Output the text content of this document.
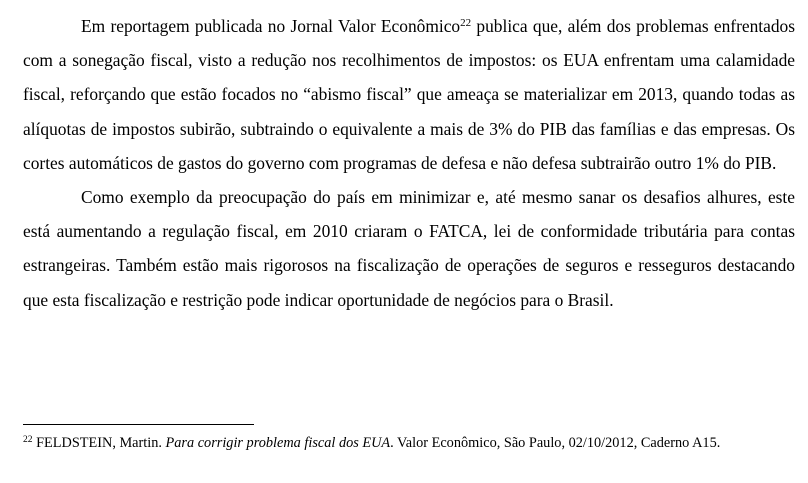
Em reportagem publicada no Jornal Valor Econômico$^{22}$ publica que, além dos problemas enfrentados com a sonegação fiscal, visto a redução nos recolhimentos de impostos: os EUA enfrentam uma calamidade fiscal, reforçando que estão focados no “abismo fiscal” que ameaça se materializar em 2013, quando todas as alíquotas de impostos subirão, subtraindo o equivalente a mais de 3% do PIB das famílias e das empresas. Os cortes automáticos de gastos do governo com programas de defesa e não defesa subtrairão outro 1% do PIB.

Como exemplo da preocupação do país em minimizar e, até mesmo sanar os desafios alhures, este está aumentando a regulação fiscal, em 2010 criaram o FATCA, lei de conformidade tributária para contas estrangeiras. Também estão mais rigorosos na fiscalização de operações de seguros e resseguros destacando que esta fiscalização e restrição pode indicar oportunidade de negócios para o Brasil.

$^{22}$ FELDSTEIN, Martin. Para corrigir problema fiscal dos EUA. Valor Econômico, São Paulo, 02/10/2012, Caderno A15.
